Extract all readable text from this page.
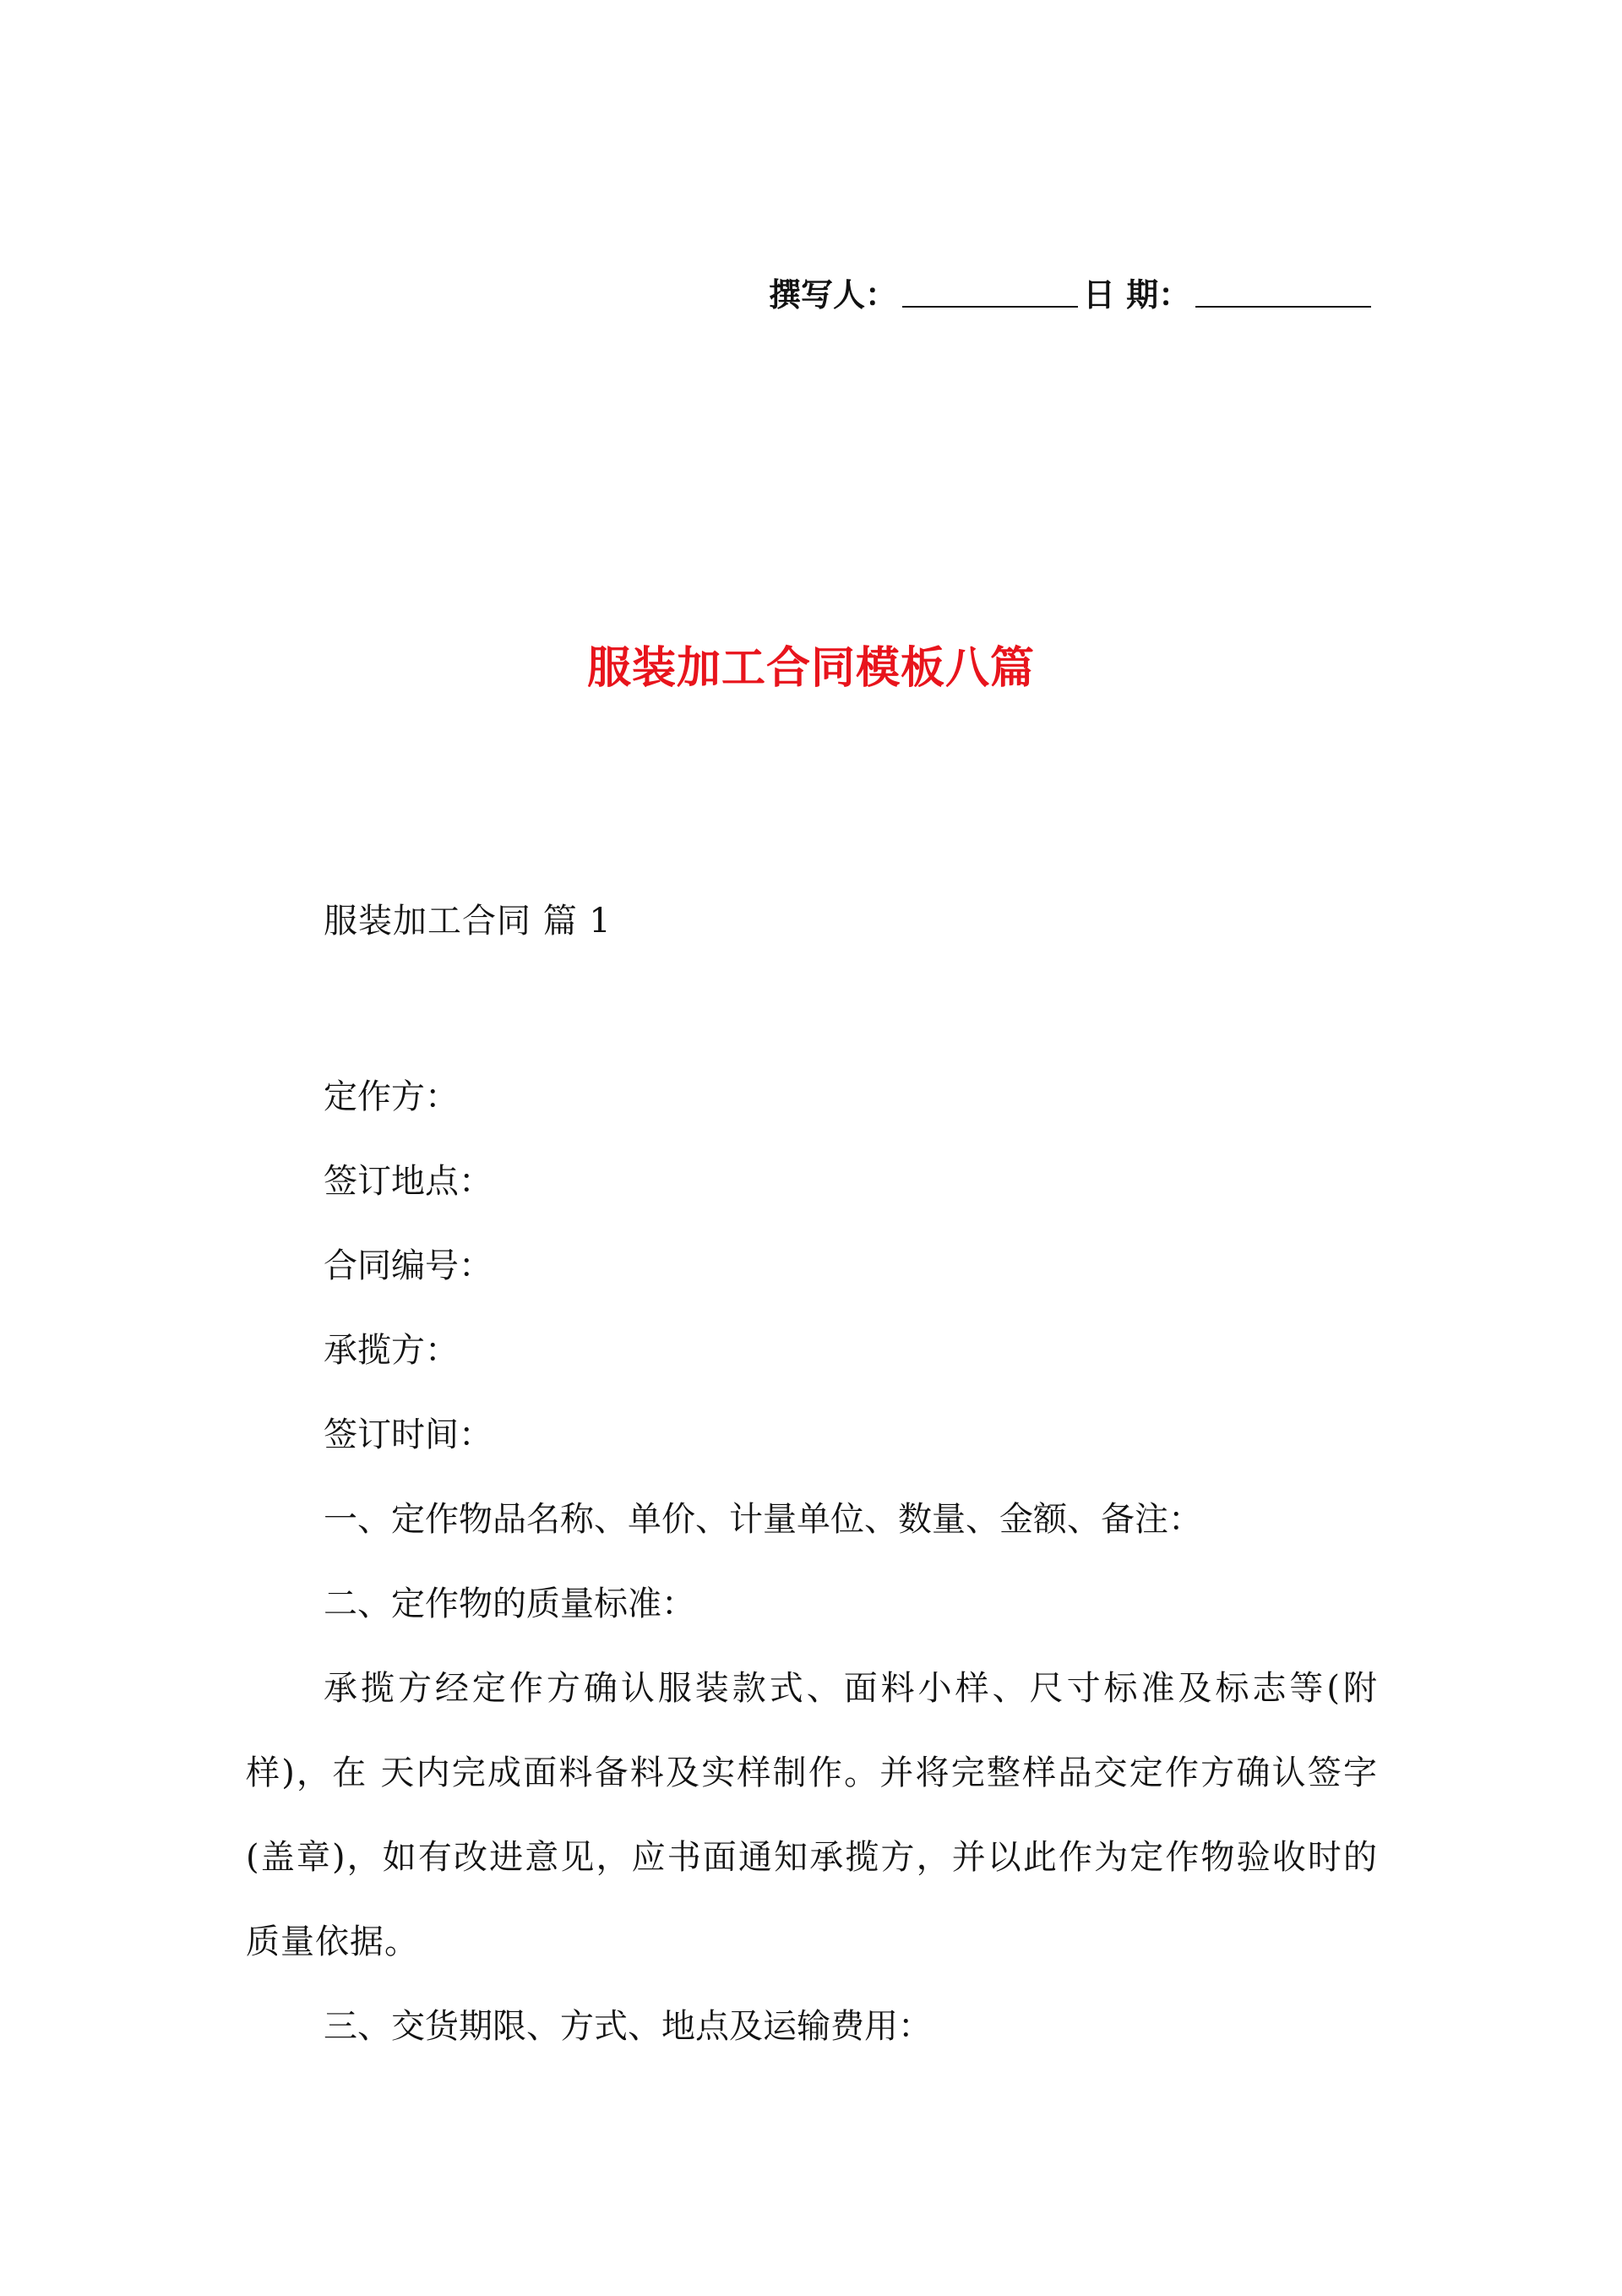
撰写人：	日 期：
服装加工合同模板八篇
服装加工合同 篇 1
定作方：
签订地点：
合同编号：
承揽方：
签订时间：
一、定作物品名称、单价、计量单位、数量、金额、备注：
二、定作物的质量标准：
承揽方经定作方确认服装款式、面料小样、尺寸标准及标志等(附样)，在 天内完成面料备料及实样制作。并将完整样品交定作方确认签字(盖章)，如有改进意见，应书面通知承揽方，并以此作为定作物验收时的质量依据。
三、交货期限、方式、地点及运输费用：
